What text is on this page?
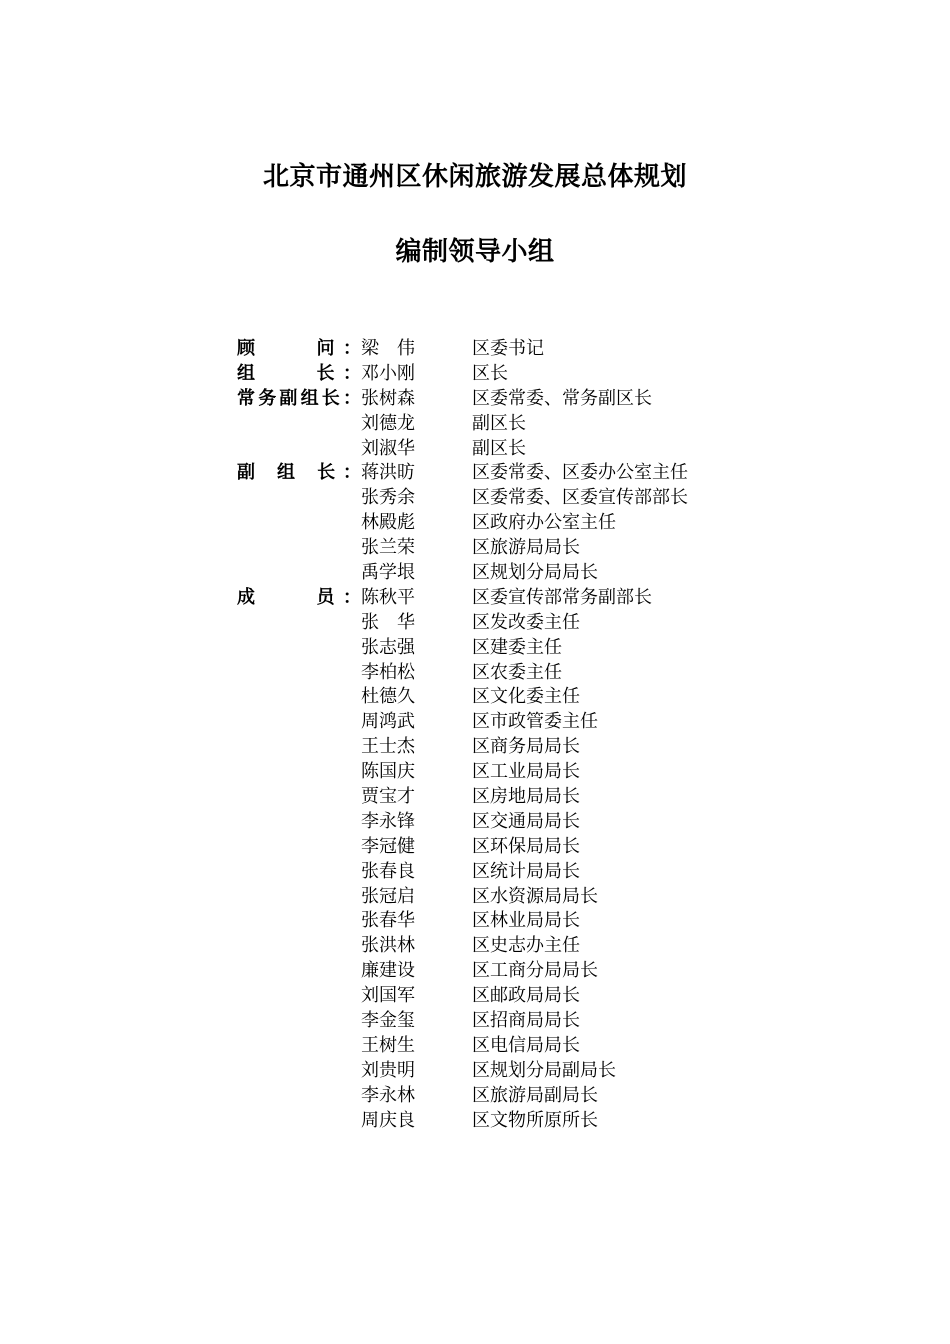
北京市通州区休闲旅游发展总体规划
编制领导小组
顾　　问： 梁　伟	区委书记
组　　长： 邓小刚	区长
常务副组长： 张树森	区委常委、常务副区长
刘德龙	副区长
刘淑华	副区长
副 组 长： 蒋洪昉	区委常委、区委办公室主任
张秀余	区委常委、区委宣传部部长
林殿彪	区政府办公室主任
张兰荣	区旅游局局长
禹学垠	区规划分局局长
成　　员： 陈秋平	区委宣传部常务副部长
张　华	区发改委主任
张志强	区建委主任
李柏松	区农委主任
杜德久	区文化委主任
周鸿武	区市政管委主任
王士杰	区商务局局长
陈国庆	区工业局局长
贾宝才	区房地局局长
李永锋	区交通局局长
李冠健	区环保局局长
张春良	区统计局局长
张冠启	区水资源局局长
张春华	区林业局局长
张洪林	区史志办主任
廉建设	区工商分局局长
刘国军	区邮政局局长
李金玺	区招商局局长
王树生	区电信局局长
刘贵明	区规划分局副局长
李永林	区旅游局副局长
周庆良	区文物所原所长
